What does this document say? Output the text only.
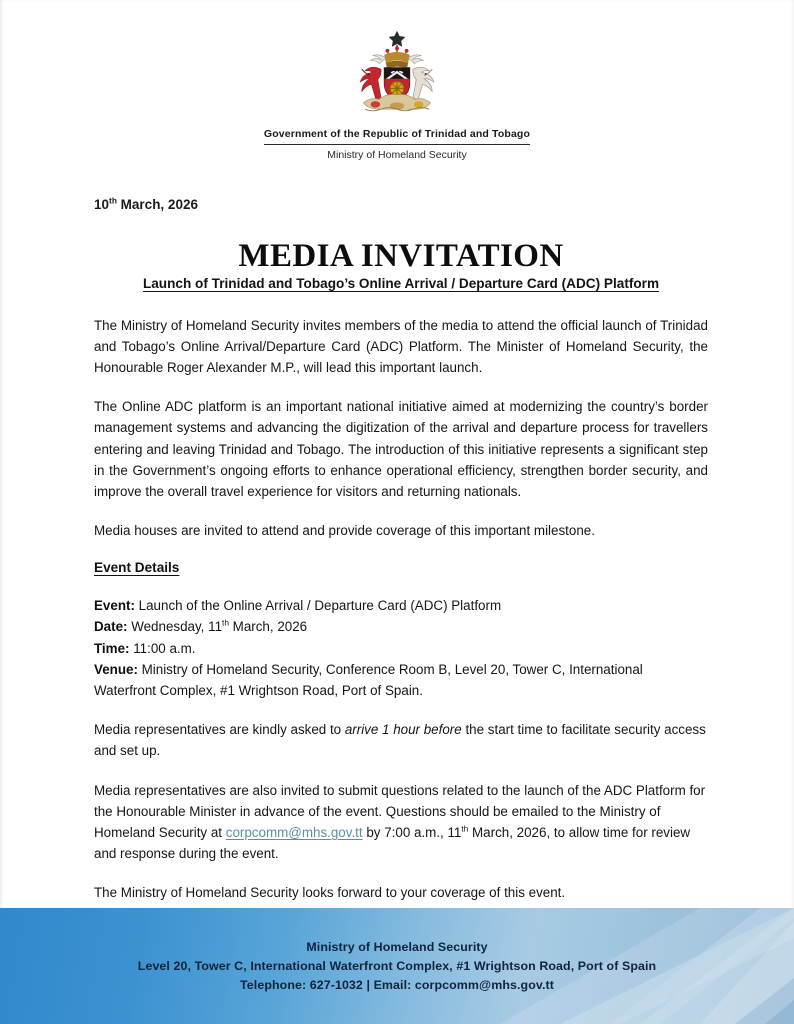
Government of the Republic of Trinidad and Tobago
Ministry of Homeland Security
10th March, 2026
MEDIA INVITATION
Launch of Trinidad and Tobago’s Online Arrival / Departure Card (ADC) Platform

The Ministry of Homeland Security invites members of the media to attend the official launch of Trinidad and Tobago’s Online Arrival/Departure Card (ADC) Platform. The Minister of Homeland Security, the Honourable Roger Alexander M.P., will lead this important launch.

The Online ADC platform is an important national initiative aimed at modernizing the country’s border management systems and advancing the digitization of the arrival and departure process for travellers entering and leaving Trinidad and Tobago. The introduction of this initiative represents a significant step in the Government’s ongoing efforts to enhance operational efficiency, strengthen border security, and improve the overall travel experience for visitors and returning nationals.

Media houses are invited to attend and provide coverage of this important milestone.

Event Details
Event: Launch of the Online Arrival / Departure Card (ADC) Platform
Date: Wednesday, 11th March, 2026
Time: 11:00 a.m.
Venue: Ministry of Homeland Security, Conference Room B, Level 20, Tower C, International Waterfront Complex, #1 Wrightson Road, Port of Spain.

Media representatives are kindly asked to arrive 1 hour before the start time to facilitate security access and set up.

Media representatives are also invited to submit questions related to the launch of the ADC Platform for the Honourable Minister in advance of the event. Questions should be emailed to the Ministry of Homeland Security at corpcomm@mhs.gov.tt by 7:00 a.m., 11th March, 2026, to allow time for review and response during the event.

The Ministry of Homeland Security looks forward to your coverage of this event.

Ministry of Homeland Security
Level 20, Tower C, International Waterfront Complex, #1 Wrightson Road, Port of Spain
Telephone: 627-1032 | Email: corpcomm@mhs.gov.tt
